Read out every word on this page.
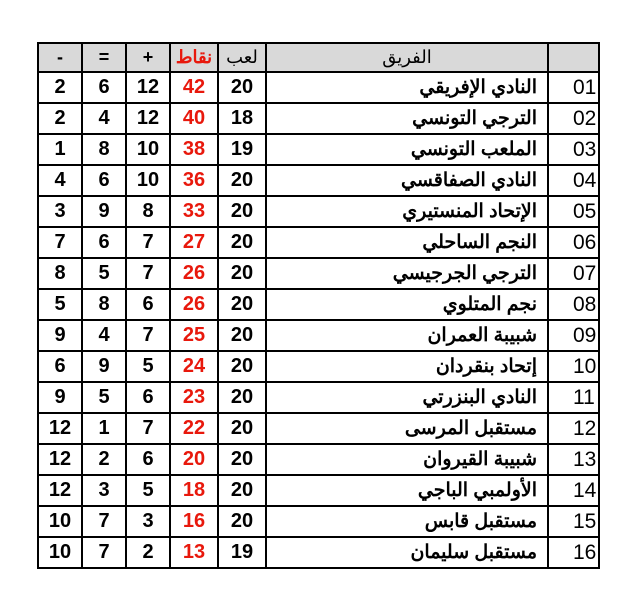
-	=	+	نقاط	لعب	الفريق	
2	6	12	42	20	النادي الإفريقي	01
2	4	12	40	18	الترجي التونسي	02
1	8	10	38	19	الملعب التونسي	03
4	6	10	36	20	النادي الصفاقسي	04
3	9	8	33	20	الإتحاد المنستيري	05
7	6	7	27	20	النجم الساحلي	06
8	5	7	26	20	الترجي الجرجيسي	07
5	8	6	26	20	نجم المتلوي	08
9	4	7	25	20	شبيبة العمران	09
6	9	5	24	20	إتحاد بنقردان	10
9	5	6	23	20	النادي البنزرتي	11
12	1	7	22	20	مستقبل المرسى	12
12	2	6	20	20	شبيبة القيروان	13
12	3	5	18	20	الأولمبي الباجي	14
10	7	3	16	20	مستقبل قابس	15
10	7	2	13	19	مستقبل سليمان	16
